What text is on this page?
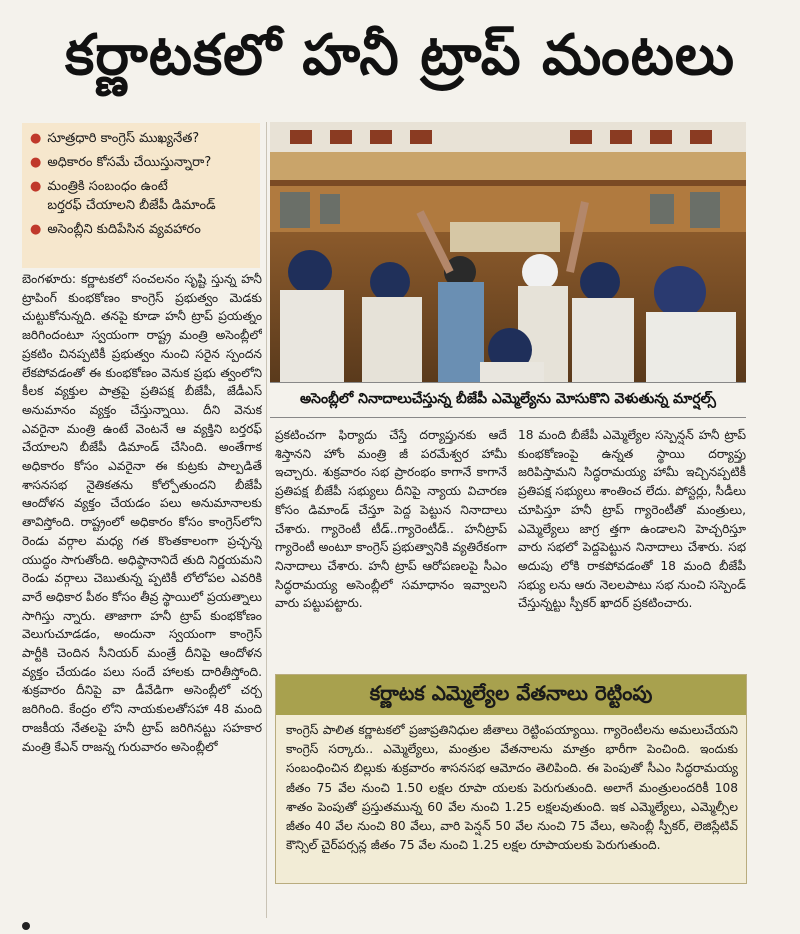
కర్ణాటకలో హనీ ట్రాప్ మంటలు
● సూత్రధారి కాంగ్రెస్ ముఖ్యనేత?
● అధికారం కోసమే చేయిస్తున్నారా?
● మంత్రికి సంబంధం ఉంటే
బర్తరఫ్ చేయాలని బీజేపీ డిమాండ్
● అసెంబ్లీని కుదిపేసిన వ్యవహారం
అసెంబ్లీలో నినాదాలుచేస్తున్న బీజేపీ ఎమ్మెల్యేను మోసుకొని వెళుతున్న మార్షల్స్
బెంగళూరు: కర్ణాటకలో సంచలనం సృష్టి స్తున్న హనీ ట్రాపింగ్ కుంభకోణం కాంగ్రెస్ ప్రభుత్వం మెడకు చుట్టుకోనున్నది. తనపై కూడా హనీ ట్రాప్ ప్రయత్నం జరిగిందంటూ స్వయంగా రాష్ట్ర మంత్రి అసెంబ్లీలో ప్రకటిం చినప్పటికీ ప్రభుత్వం నుంచి సరైన స్పందన లేకపోవడంతో ఈ కుంభకోణం వెనుక ప్రభు త్వంలోని కీలక వ్యక్తుల పాత్రపై ప్రతిపక్ష బీజేపీ, జేడీఎస్ అనుమానం వ్యక్తం చేస్తున్నాయి. దీని వెనుక ఎవరైనా మంత్రి ఉంటే వెంటనే ఆ వ్యక్తిని బర్తరఫ్ చేయాలని బీజేపీ డిమాండ్ చేసింది. అంతేగాక అధికారం కోసం ఎవరైనా ఈ కుట్రకు పాల్పడితే శాసనసభ నైతికతను కోల్పోతుందని బీజేపీ ఆందోళన వ్యక్తం చేయడం పలు అనుమానాలకు తావిస్తోంది. రాష్ట్రంలో అధికారం కోసం కాంగ్రెస్‌లోని రెండు వర్గాల మధ్య గత కొంతకాలంగా ప్రచ్ఛన్న యుద్ధం సాగుతోంది. అధిష్ఠానానిదే తుది నిర్ణయమని రెండు వర్గాలు చెబుతున్న ప్పటికీ లోలోపల ఎవరికి వారే అధికార పీఠం కోసం తీవ్ర స్థాయిలో ప్రయత్నాలు సాగిస్తు న్నారు. తాజాగా హనీ ట్రాప్ కుంభకోణం వెలుగుచూడడం, అందునా స్వయంగా కాంగ్రెస్ పార్టీకి చెందిన సీనియర్ మంత్రే దీనిపై ఆందోళన వ్యక్తం చేయడం పలు సందే హాలకు దారితీస్తోంది. శుక్రవారం దీనిపై వా డీవేడిగా అసెంబ్లీలో చర్చ జరిగింది. కేంద్రం లోని నాయకులతోసహా 48 మంది రాజకీయ నేతలపై హనీ ట్రాప్ జరిగినట్టు సహకార మంత్రి కేఎన్ రాజన్న గురువారం అసెంబ్లీలో
ప్రకటించగా ఫిర్యాదు చేస్తే దర్యాప్తునకు ఆదే శిస్తానని హోం మంత్రి జీ పరమేశ్వర హామీ ఇచ్చారు. శుక్రవారం సభ ప్రారంభం కాగానే కాగానే ప్రతిపక్ష బీజేపీ సభ్యులు దీనిపై న్యాయ విచారణ కోసం డిమాండ్ చేస్తూ పెద్ద పెట్టున నినాదాలు చేశారు. గ్యారెంటీ టీడ్..గ్యారెంటీడ్.. హనీట్రాప్ గ్యారెంటీ అంటూ కాంగ్రెస్ ప్రభుత్వానికి వ్యతిరేకంగా నినాదాలు చేశారు. హనీ ట్రాప్ ఆరోపణలపై సీఎం సిద్ధరామయ్య అసెంబ్లీలో సమాధానం ఇవ్వాలని వారు పట్టుపట్టారు.
18 మంది బీజేపీ ఎమ్మెల్యేల సస్పెన్షన్ హనీ ట్రాప్ కుంభకోణంపై ఉన్నత స్థాయి దర్యాప్తు జరిపిస్తామని సిద్ధరామయ్య హామీ ఇచ్చినప్పటికీ ప్రతిపక్ష సభ్యులు శాంతించ లేదు. పోస్టర్లు, సీడీలు చూపిస్తూ హనీ ట్రాప్ గ్యారెంటీతో మంత్రులు, ఎమ్మెల్యేలు జాగ్ర త్తగా ఉండాలని హెచ్చరిస్తూ వారు సభలో పెద్దపెట్టున నినాదాలు చేశారు. సభ అదుపు లోకి రాకపోవడంతో 18 మంది బీజేపీ సభ్యు లను ఆరు నెలలపాటు సభ నుంచి సస్పెండ్ చేస్తున్నట్టు స్పీకర్ ఖాదర్ ప్రకటించారు.
కర్ణాటక ఎమ్మెల్యేల వేతనాలు రెట్టింపు
కాంగ్రెస్ పాలిత కర్ణాటకలో ప్రజాప్రతినిధుల జీతాలు రెట్టింపయ్యాయి. గ్యారెంటీలను అమలుచేయని కాంగ్రెస్ సర్కారు.. ఎమ్మెల్యేలు, మంత్రుల వేతనాలను మాత్రం భారీగా పెంచింది. ఇందుకు సంబంధించిన బిల్లుకు శుక్రవారం శాసనసభ ఆమోదం తెలిపింది. ఈ పెంపుతో సీఎం సిద్ధరామయ్య జీతం 75 వేల నుంచి 1.50 లక్షల రూపా యలకు పెరుగుతుంది. అలాగే మంత్రులందరికీ 108 శాతం పెంపుతో ప్రస్తుతమున్న 60 వేల నుంచి 1.25 లక్షలవుతుంది. ఇక ఎమ్మెల్యేలు, ఎమ్మెల్సీల జీతం 40 వేల నుంచి 80 వేలు, వారి పెన్షన్ 50 వేల నుంచి 75 వేలు, అసెంబ్లీ స్పీకర్, లెజిస్లేటివ్ కౌన్సిల్ చైర్‌పర్సన్ల జీతం 75 వేల నుంచి 1.25 లక్షల రూపాయలకు పెరుగుతుంది.
